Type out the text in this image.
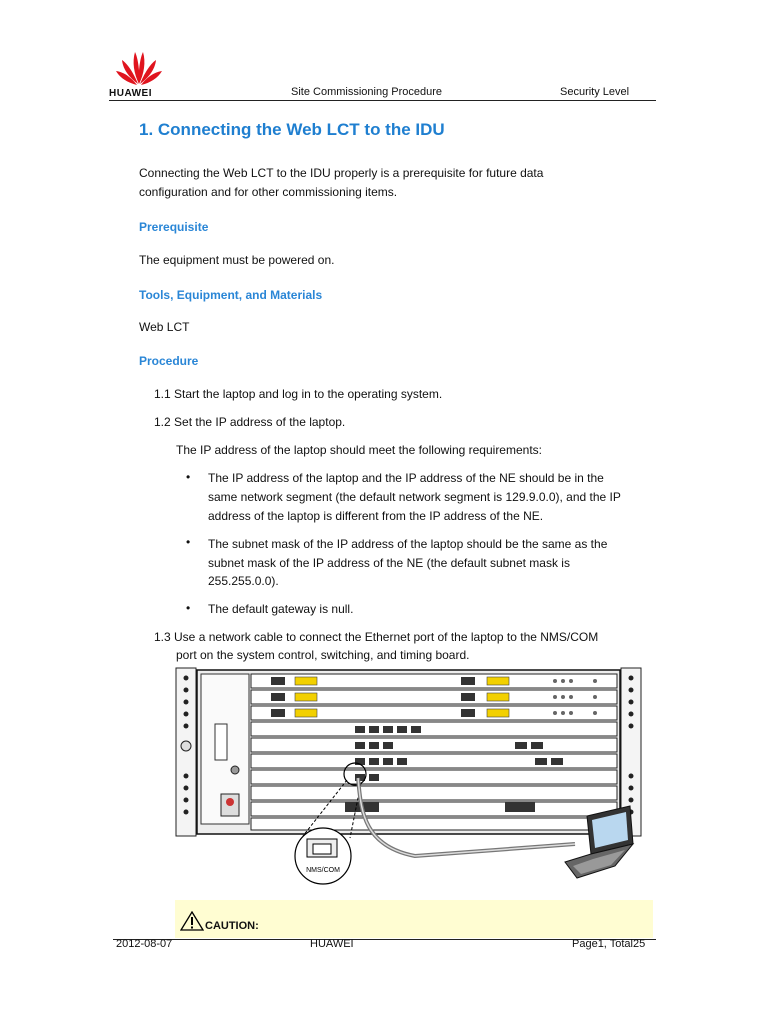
HUAWEI	Site Commissioning Procedure	Security Level
1. Connecting the Web LCT to the IDU
Connecting the Web LCT to the IDU properly is a prerequisite for future data
configuration and for other commissioning items.
Prerequisite
The equipment must be powered on.
Tools, Equipment, and Materials
Web LCT
Procedure
1.1 Start the laptop and log in to the operating system.
1.2 Set the IP address of the laptop.
The IP address of the laptop should meet the following requirements:
• The IP address of the laptop and the IP address of the NE should be in the
same network segment (the default network segment is 129.9.0.0), and the IP
address of the laptop is different from the IP address of the NE.
• The subnet mask of the IP address of the laptop should be the same as the
subnet mask of the IP address of the NE (the default subnet mask is
255.255.0.0).
• The default gateway is null.
1.3 Use a network cable to connect the Ethernet port of the laptop to the NMS/COM
port on the system control, switching, and timing board.
NMS/COM
CAUTION:
2012-08-07	HUAWEI	Page1, Total25
